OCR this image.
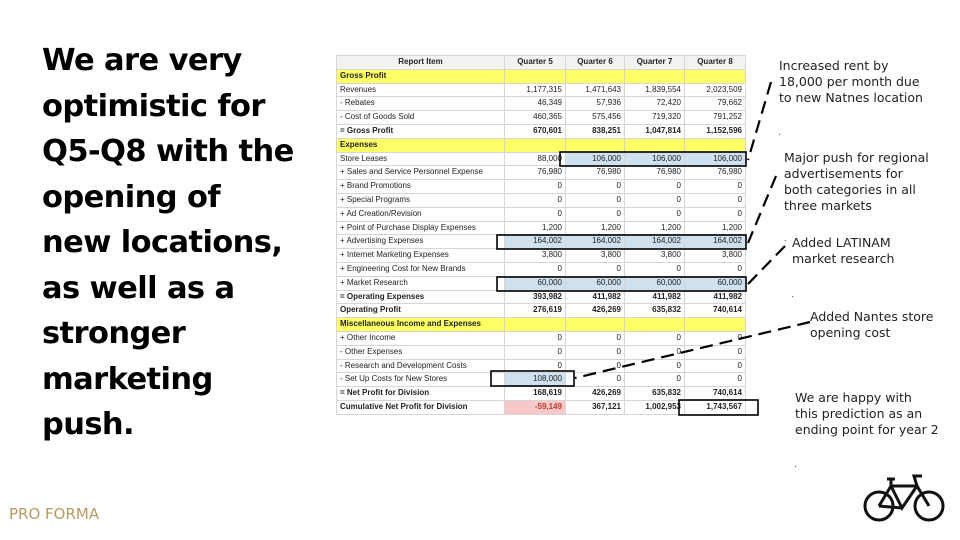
We are very
optimistic for
Q5-Q8 with the
opening of
new locations,
as well as a
stronger
marketing
push.
Report Item	Quarter 5	Quarter 6	Quarter 7	Quarter 8
Gross Profit
Revenues	1,177,315	1,471,643	1,839,554	2,023,509
- Rebates	46,349	57,936	72,420	79,662
- Cost of Goods Sold	460,365	575,456	719,320	791,252
= Gross Profit	670,601	838,251	1,047,814	1,152,596
Expenses
Store Leases	88,000	106,000	106,000	106,000
+ Sales and Service Personnel Expense	76,980	76,980	76,980	76,980
+ Brand Promotions	0	0	0	0
+ Special Programs	0	0	0	0
+ Ad Creation/Revision	0	0	0	0
+ Point of Purchase Display Expenses	1,200	1,200	1,200	1,200
+ Advertising Expenses	164,002	164,002	164,002	164,002
+ Internet Marketing Expenses	3,800	3,800	3,800	3,800
+ Engineering Cost for New Brands	0	0	0	0
+ Market Research	60,000	60,000	60,000	60,000
= Operating Expenses	393,982	411,982	411,982	411,982
Operating Profit	276,619	426,269	635,832	740,614
Miscellaneous Income and Expenses
+ Other Income	0	0	0	0
- Other Expenses	0	0	0	0
- Research and Development Costs	0	0	0	0
- Set Up Costs for New Stores	108,000	0	0	0
= Net Profit for Division	168,619	426,269	635,832	740,614
Cumulative Net Profit for Division	-59,149	367,121	1,002,953	1,743,567
Increased rent by
18,000 per month due
to new Natnes location
Major push for regional
advertisements for
both categories in all
three markets
Added LATINAM
market research
Added Nantes store
opening cost
We are happy with
this prediction as an
ending point for year 2
.
.
.
.
PRO FORMA
